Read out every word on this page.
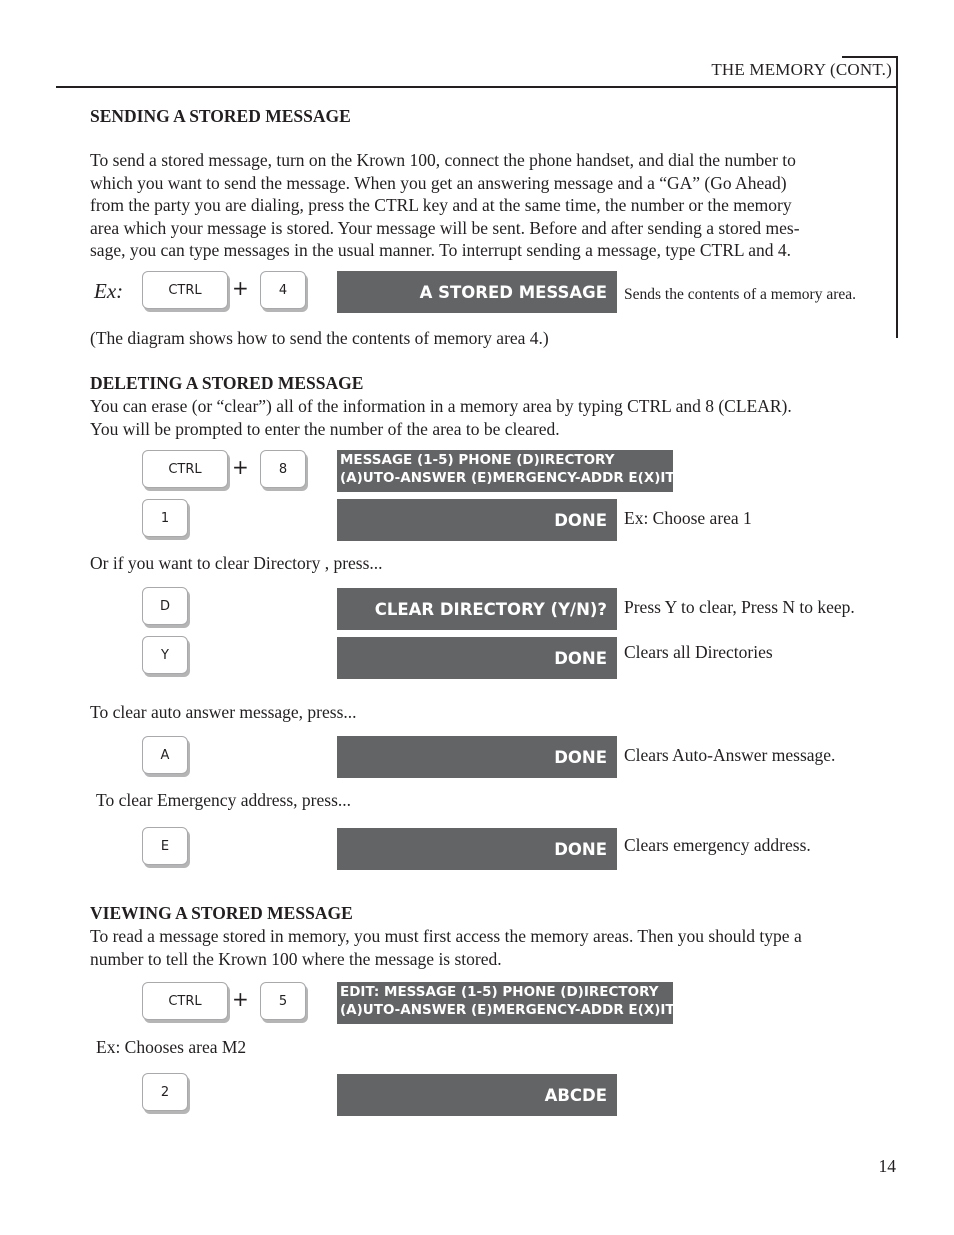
THE MEMORY (CONT.)
SENDING A STORED MESSAGE
To send a stored message, turn on the Krown 100, connect the phone handset, and dial the number to
which you want to send the message. When you get an answering message and a “GA” (Go Ahead)
from the party you are dialing, press the CTRL key and at the same time, the number or the memory
area which your message is stored. Your message will be sent. Before and after sending a stored mes-
sage, you can type messages in the usual manner. To interrupt sending a message, type CTRL and 4.
Ex:	CTRL	+	4	A STORED MESSAGE	Sends the contents of a memory area.
(The diagram shows how to send the contents of memory area 4.)
DELETING A STORED MESSAGE
You can erase (or “clear”) all of the information in a memory area by typing CTRL and 8 (CLEAR).
You will be prompted to enter the number of the area to be cleared.
CTRL	+	8
MESSAGE (1-5) PHONE (D)IRECTORY
(A)UTO-ANSWER (E)MERGENCY-ADDR E(X)IT
1	DONE Ex: Choose area 1
Or if you want to clear Directory , press...
D	CLEAR DIRECTORY (Y/N)? Press Y to clear, Press N to keep.
Y	DONE Clears all Directories
To clear auto answer message, press...
A	DONE Clears Auto-Answer message.
To clear Emergency address, press...
E	DONE Clears emergency address.
VIEWING A STORED MESSAGE
To read a message stored in memory, you must first access the memory areas. Then you should type a
number to tell the Krown 100 where the message is stored.
CTRL	+	5
EDIT: MESSAGE (1-5) PHONE (D)IRECTORY
(A)UTO-ANSWER (E)MERGENCY-ADDR E(X)IT
Ex: Chooses area M2
2	ABCDE
14
